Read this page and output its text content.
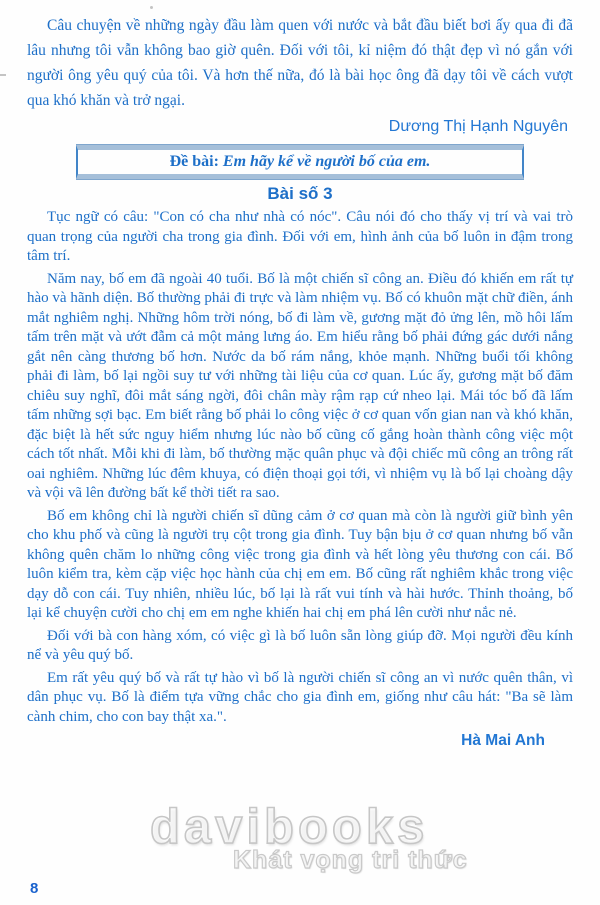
Câu chuyện về những ngày đầu làm quen với nước và bắt đầu biết bơi ấy qua đi đã lâu nhưng tôi vẫn không bao giờ quên. Đối với tôi, kỉ niệm đó thật đẹp vì nó gắn với người ông yêu quý của tôi. Và hơn thế nữa, đó là bài học ông đã dạy tôi về cách vượt qua khó khăn và trở ngại.

Dương Thị Hạnh Nguyên
Đề bài: Em hãy kể về người bố của em.
Bài số 3

Tục ngữ có câu: "Con có cha như nhà có nóc". Câu nói đó cho thấy vị trí và vai trò quan trọng của người cha trong gia đình. Đối với em, hình ảnh của bố luôn in đậm trong tâm trí.

Năm nay, bố em đã ngoài 40 tuổi. Bố là một chiến sĩ công an. Điều đó khiến em rất tự hào và hãnh diện. Bố thường phải đi trực và làm nhiệm vụ. Bố có khuôn mặt chữ điền, ánh mắt nghiêm nghị. Những hôm trời nóng, bố đi làm về, gương mặt đỏ ửng lên, mồ hôi lấm tấm trên mặt và ướt đẫm cả một mảng lưng áo. Em hiểu rằng bố phải đứng gác dưới nắng gắt nên càng thương bố hơn. Nước da bố rám nắng, khỏe mạnh. Những buổi tối không phải đi làm, bố lại ngồi suy tư với những tài liệu của cơ quan. Lúc ấy, gương mặt bố đăm chiêu suy nghĩ, đôi mắt sáng ngời, đôi chân mày rậm rạp cứ nheo lại. Mái tóc bố đã lấm tấm những sợi bạc. Em biết rằng bố phải lo công việc ở cơ quan vốn gian nan và khó khăn, đặc biệt là hết sức nguy hiểm nhưng lúc nào bố cũng cố gắng hoàn thành công việc một cách tốt nhất. Mỗi khi đi làm, bố thường mặc quân phục và đội chiếc mũ công an trông rất oai nghiêm. Những lúc đêm khuya, có điện thoại gọi tới, vì nhiệm vụ là bố lại choàng dậy và vội vã lên đường bất kể thời tiết ra sao.

Bố em không chỉ là người chiến sĩ dũng cảm ở cơ quan mà còn là người giữ bình yên cho khu phố và cũng là người trụ cột trong gia đình. Tuy bận bịu ở cơ quan nhưng bố vẫn không quên chăm lo những công việc trong gia đình và hết lòng yêu thương con cái. Bố luôn kiểm tra, kèm cặp việc học hành của chị em em. Bố cũng rất nghiêm khắc trong việc dạy dỗ con cái. Tuy nhiên, nhiều lúc, bố lại là rất vui tính và hài hước. Thỉnh thoảng, bố lại kể chuyện cười cho chị em em nghe khiến hai chị em phá lên cười như nắc nẻ.

Đối với bà con hàng xóm, có việc gì là bố luôn sẵn lòng giúp đỡ. Mọi người đều kính nể và yêu quý bố.

Em rất yêu quý bố và rất tự hào vì bố là người chiến sĩ công an vì nước quên thân, vì dân phục vụ. Bố là điểm tựa vững chắc cho gia đình em, giống như câu hát: "Ba sẽ làm cành chim, cho con bay thật xa.".

Hà Mai Anh
davibooks
Khát vọng tri thức
8
